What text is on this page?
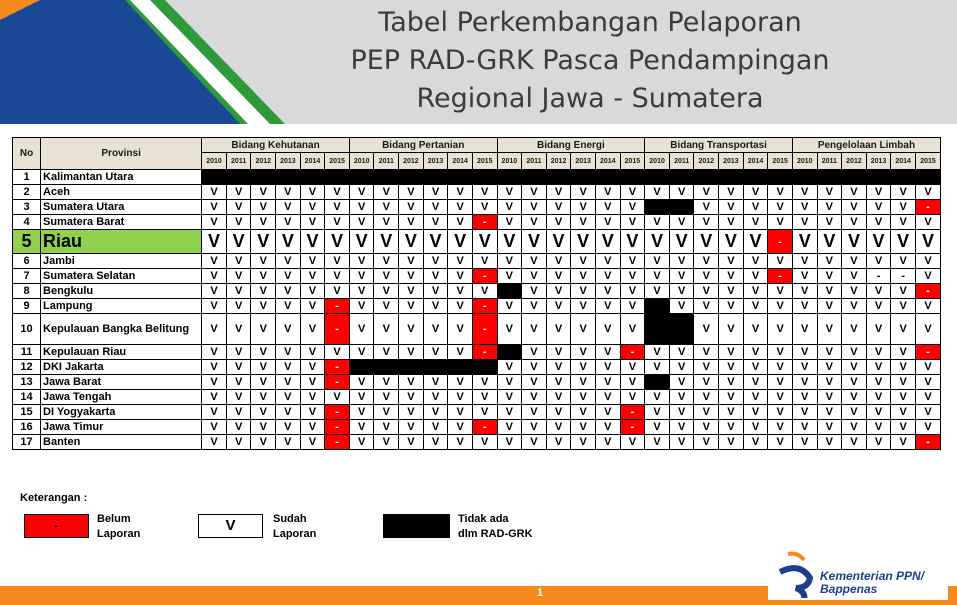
Tabel Perkembangan Pelaporan
PEP RAD-GRK Pasca Pendampingan
Regional Jawa - Sumatera
No	Provinsi	Bidang Kehutanan						Bidang Pertanian						Bidang Energi						Bidang Transportasi						Pengelolaan Limbah					
		2010	2011	2012	2013	2014	2015	2010	2011	2012	2013	2014	2015	2010	2011	2012	2013	2014	2015	2010	2011	2012	2013	2014	2015	2010	2011	2012	2013	2014	2015
1	Kalimantan Utara																														
2	Aceh	V	V	V	V	V	V	V	V	V	V	V	V	V	V	V	V	V	V	V	V	V	V	V	V	V	V	V	V	V	V
3	Sumatera Utara	V	V	V	V	V	V	V	V	V	V	V	V	V	V	V	V	V	V			V	V	V	V	V	V	V	V	V	-
4	Sumatera Barat	V	V	V	V	V	V	V	V	V	V	V	-	V	V	V	V	V	V	V	V	V	V	V	V	V	V	V	V	V	V
5	Riau	V	V	V	V	V	V	V	V	V	V	V	V	V	V	V	V	V	V	V	V	V	V	V	-	V	V	V	V	V	V
6	Jambi	V	V	V	V	V	V	V	V	V	V	V	V	V	V	V	V	V	V	V	V	V	V	V	V	V	V	V	V	V	V
7	Sumatera Selatan	V	V	V	V	V	V	V	V	V	V	V	-	V	V	V	V	V	V	V	V	V	V	V	-	V	V	V	-	-	V
8	Bengkulu	V	V	V	V	V	V	V	V	V	V	V	V		V	V	V	V	V	V	V	V	V	V	V	V	V	V	V	V	-
9	Lampung	V	V	V	V	V	-	V	V	V	V	V	-	V	V	V	V	V	V		V	V	V	V	V	V	V	V	V	V	V
10	Kepulauan Bangka Belitung	V	V	V	V	V	-	V	V	V	V	V	-	V	V	V	V	V	V			V	V	V	V	V	V	V	V	V	V
11	Kepulauan Riau	V	V	V	V	V	V	V	V	V	V	V	-		V	V	V	V	-	V	V	V	V	V	V	V	V	V	V	V	-
12	DKI Jakarta	V	V	V	V	V	-							V	V	V	V	V	V	V	V	V	V	V	V	V	V	V	V	V	V
13	Jawa Barat	V	V	V	V	V	-	V	V	V	V	V	V	V	V	V	V	V	V		V	V	V	V	V	V	V	V	V	V	V
14	Jawa Tengah	V	V	V	V	V	V	V	V	V	V	V	V	V	V	V	V	V	V	V	V	V	V	V	V	V	V	V	V	V	V
15	DI Yogyakarta	V	V	V	V	V	-	V	V	V	V	V	V	V	V	V	V	V	-	V	V	V	V	V	V	V	V	V	V	V	V
16	Jawa Timur	V	V	V	V	V	-	V	V	V	V	V	-	V	V	V	V	V	-	V	V	V	V	V	V	V	V	V	V	V	V
17	Banten	V	V	V	V	V	-	V	V	V	V	V	V	V	V	V	V	V	V	V	V	V	V	V	V	V	V	V	V	V	-
Keterangan :
-
Belum
Laporan	V	Sudah
Laporan
Tidak ada
dlm RAD-GRK
1
Kementerian PPN/
Bappenas
